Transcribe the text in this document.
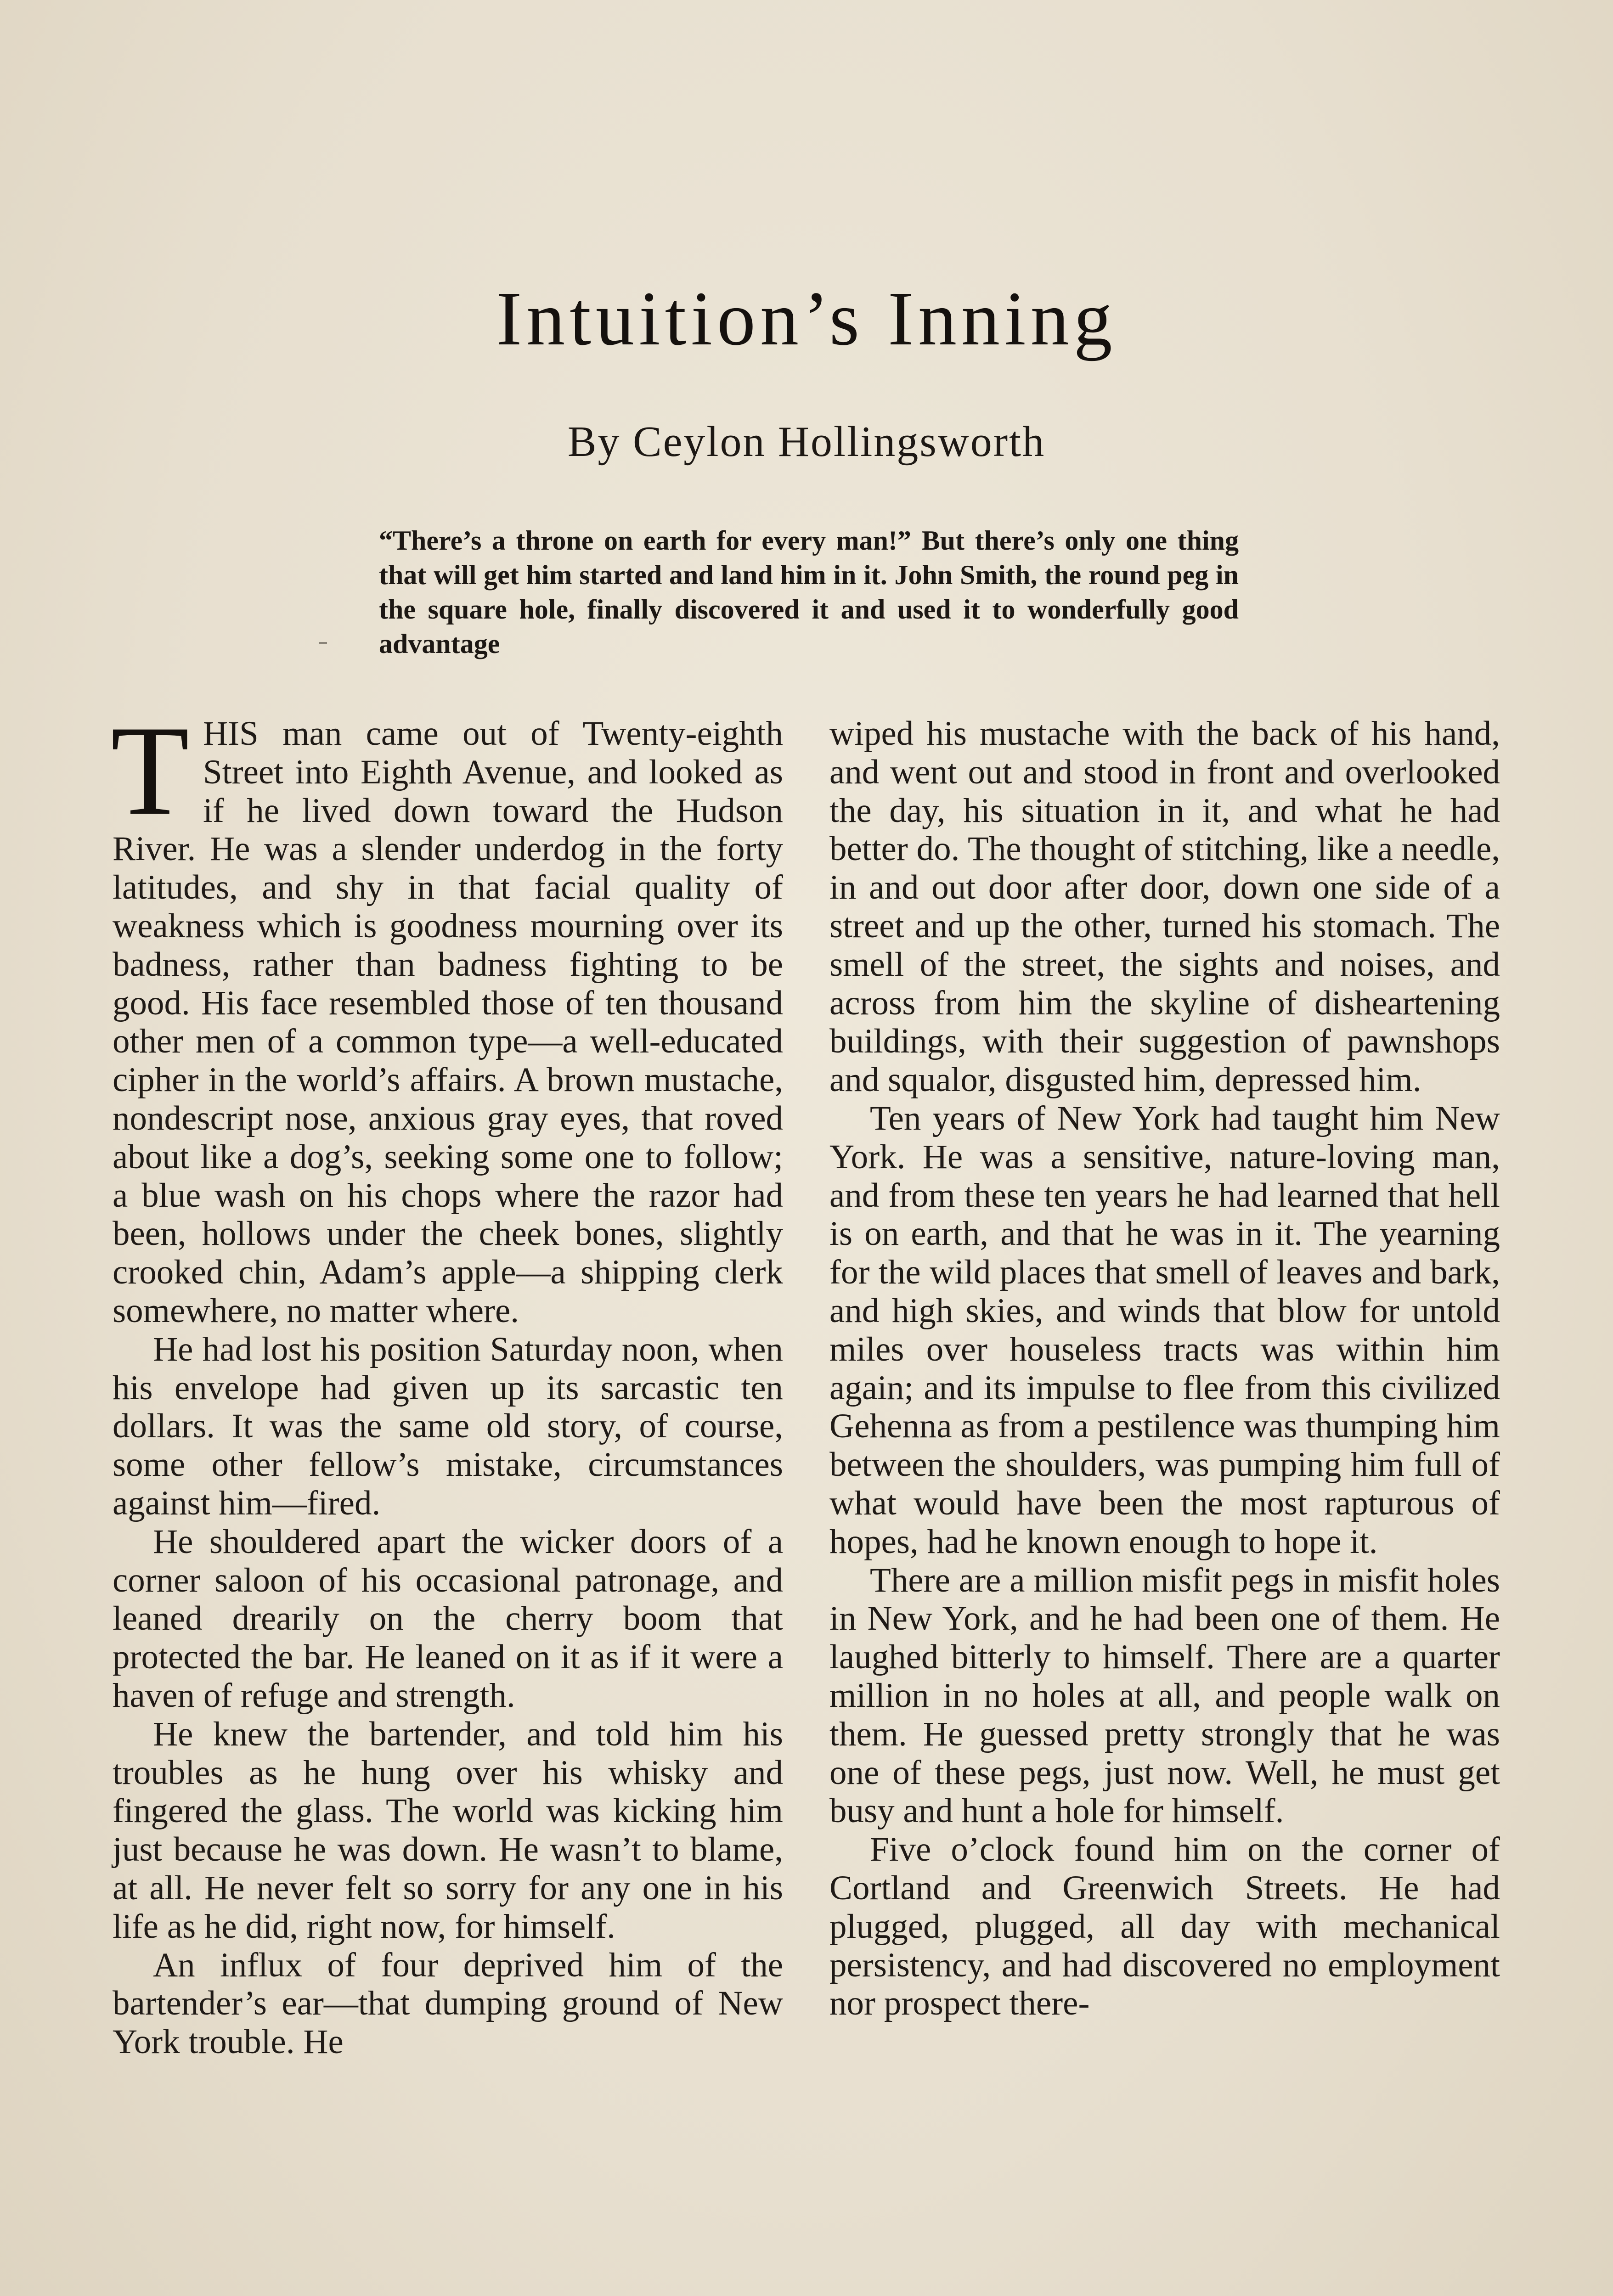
Intuition’s Inning
By Ceylon Hollingsworth
“There’s a throne on earth for every man!” But there’s only one thing that will get him started and land him in it. John Smith, the round peg in the square hole, finally discovered it and used it to wonderfully good advantage

THIS man came out of Twenty-eighth Street into Eighth Avenue, and looked as if he lived down toward the Hudson River. He was a slender underdog in the forty latitudes, and shy in that facial quality of weakness which is goodness mourning over its badness, rather than badness fighting to be good. His face resembled those of ten thousand other men of a common type—a well-educated cipher in the world’s affairs. A brown mustache, nondescript nose, anxious gray eyes, that roved about like a dog’s, seeking some one to follow; a blue wash on his chops where the razor had been, hollows under the cheek bones, slightly crooked chin, Adam’s apple—a shipping clerk somewhere, no matter where.

He had lost his position Saturday noon, when his envelope had given up its sarcastic ten dollars. It was the same old story, of course, some other fellow’s mistake, circumstances against him—fired.

He shouldered apart the wicker doors of a corner saloon of his occasional patronage, and leaned drearily on the cherry boom that protected the bar. He leaned on it as if it were a haven of refuge and strength.

He knew the bartender, and told him his troubles as he hung over his whisky and fingered the glass. The world was kicking him just because he was down. He wasn’t to blame, at all. He never felt so sorry for any one in his life as he did, right now, for himself.

An influx of four deprived him of the bartender’s ear—that dumping ground of New York trouble. He

wiped his mustache with the back of his hand, and went out and stood in front and overlooked the day, his situation in it, and what he had better do. The thought of stitching, like a needle, in and out door after door, down one side of a street and up the other, turned his stomach. The smell of the street, the sights and noises, and across from him the skyline of disheartening buildings, with their suggestion of pawnshops and squalor, disgusted him, depressed him.

Ten years of New York had taught him New York. He was a sensitive, nature-loving man, and from these ten years he had learned that hell is on earth, and that he was in it. The yearning for the wild places that smell of leaves and bark, and high skies, and winds that blow for untold miles over houseless tracts was within him again; and its impulse to flee from this civilized Gehenna as from a pestilence was thumping him between the shoulders, was pumping him full of what would have been the most rapturous of hopes, had he known enough to hope it.

There are a million misfit pegs in misfit holes in New York, and he had been one of them. He laughed bitterly to himself. There are a quarter million in no holes at all, and people walk on them. He guessed pretty strongly that he was one of these pegs, just now. Well, he must get busy and hunt a hole for himself.

Five o’clock found him on the corner of Cortland and Greenwich Streets. He had plugged, plugged, all day with mechanical persistency, and had discovered no employment nor prospect there-
